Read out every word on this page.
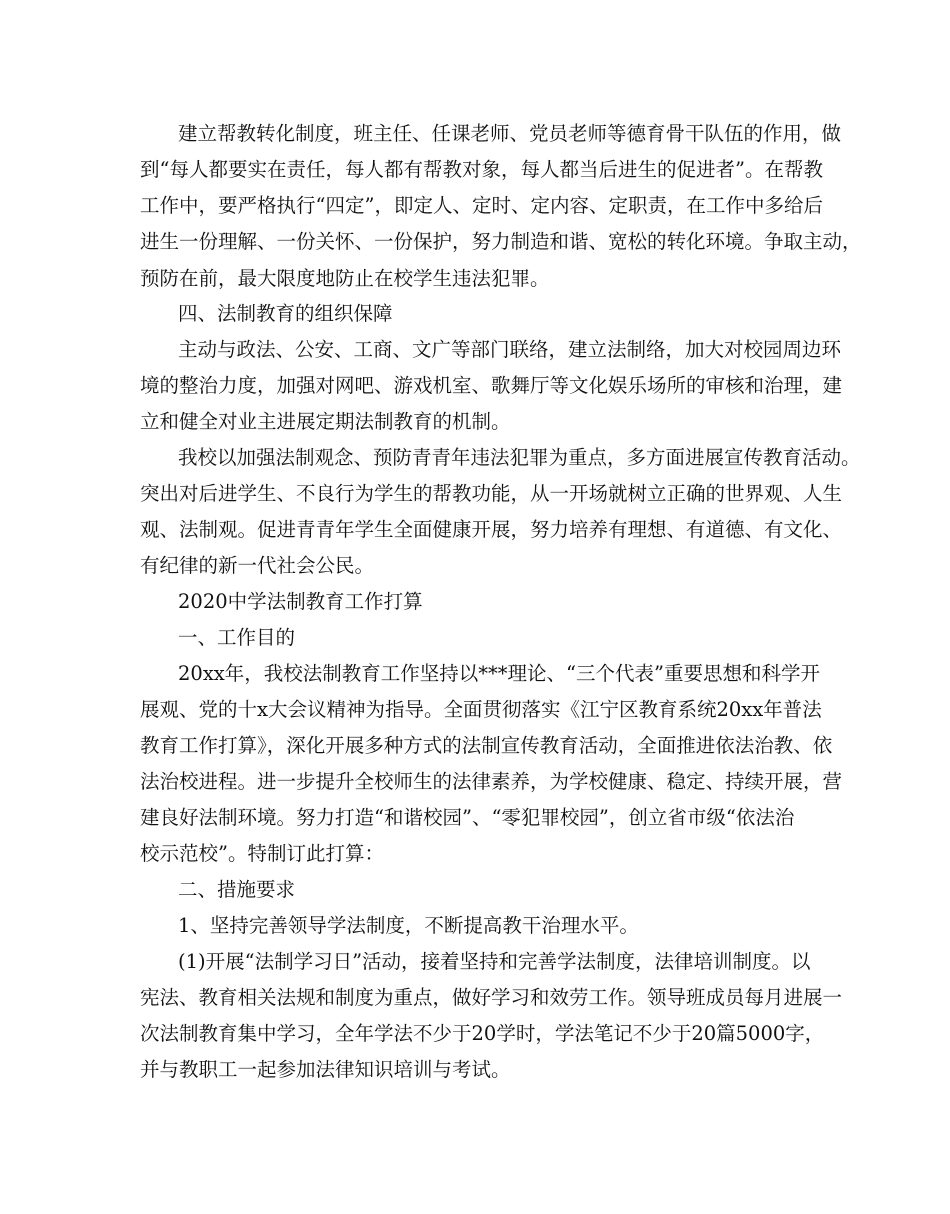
建立帮教转化制度，班主任、任课老师、党员老师等德育骨干队伍的作用，做
到“每人都要实在责任，每人都有帮教对象，每人都当后进生的促进者”。在帮教
工作中，要严格执行“四定”，即定人、定时、定内容、定职责，在工作中多给后
进生一份理解、一份关怀、一份保护，努力制造和谐、宽松的转化环境。争取主动，
预防在前，最大限度地防止在校学生违法犯罪。
四、法制教育的组织保障
主动与政法、公安、工商、文广等部门联络，建立法制络，加大对校园周边环
境的整治力度，加强对网吧、游戏机室、歌舞厅等文化娱乐场所的审核和治理，建
立和健全对业主进展定期法制教育的机制。
我校以加强法制观念、预防青青年违法犯罪为重点，多方面进展宣传教育活动。
突出对后进学生、不良行为学生的帮教功能，从一开场就树立正确的世界观、人生
观、法制观。促进青青年学生全面健康开展，努力培养有理想、有道德、有文化、
有纪律的新一代社会公民。
2020中学法制教育工作打算
一、工作目的
20xx年，我校法制教育工作坚持以***理论、“三个代表”重要思想和科学开
展观、党的十x大会议精神为指导。全面贯彻落实《江宁区教育系统20xx年普法
教育工作打算》，深化开展多种方式的法制宣传教育活动，全面推进依法治教、依
法治校进程。进一步提升全校师生的法律素养，为学校健康、稳定、持续开展，营
建良好法制环境。努力打造“和谐校园”、“零犯罪校园”，创立省市级“依法治
校示范校”。特制订此打算：
二、措施要求
1、坚持完善领导学法制度，不断提高教干治理水平。
(1)开展“法制学习日”活动，接着坚持和完善学法制度，法律培训制度。以
宪法、教育相关法规和制度为重点，做好学习和效劳工作。领导班成员每月进展一
次法制教育集中学习，全年学法不少于20学时，学法笔记不少于20篇5000字，
并与教职工一起参加法律知识培训与考试。
